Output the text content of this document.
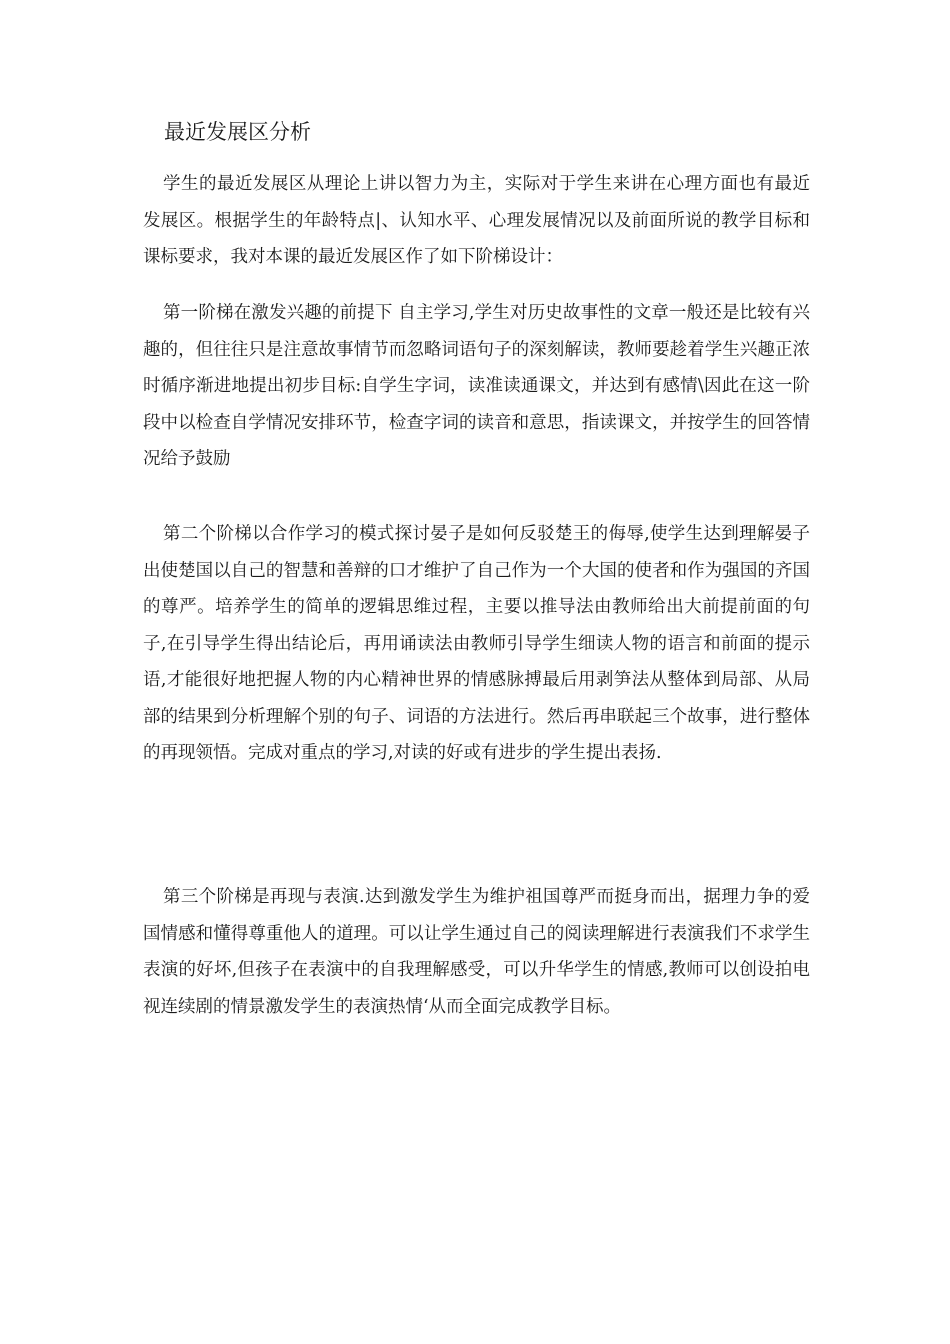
最近发展区分析

学生的最近发展区从理论上讲以智力为主，实际对于学生来讲在心理方面也有最近发展区。根据学生的年龄特点|、认知水平、心理发展情况以及前面所说的教学目标和课标要求，我对本课的最近发展区作了如下阶梯设计：

第一阶梯在激发兴趣的前提下 自主学习,学生对历史故事性的文章一般还是比较有兴趣的，但往往只是注意故事情节而忽略词语句子的深刻解读，教师要趁着学生兴趣正浓时循序渐进地提出初步目标:自学生字词，读准读通课文，并达到有感情\因此在这一阶段中以检查自学情况安排环节，检查字词的读音和意思，指读课文，并按学生的回答情况给予鼓励

第二个阶梯以合作学习的模式探讨晏子是如何反驳楚王的侮辱,使学生达到理解晏子出使楚国以自己的智慧和善辩的口才维护了自己作为一个大国的使者和作为强国的齐国的尊严。培养学生的简单的逻辑思维过程，主要以推导法由教师给出大前提前面的句子,在引导学生得出结论后，再用诵读法由教师引导学生细读人物的语言和前面的提示语,才能很好地把握人物的内心精神世界的情感脉搏最后用剥笋法从整体到局部、从局部的结果到分析理解个别的句子、词语的方法进行。然后再串联起三个故事，进行整体的再现领悟。完成对重点的学习,对读的好或有进步的学生提出表扬.

第三个阶梯是再现与表演.达到激发学生为维护祖国尊严而挺身而出，据理力争的爱国情感和懂得尊重他人的道理。可以让学生通过自己的阅读理解进行表演我们不求学生表演的好坏,但孩子在表演中的自我理解感受，可以升华学生的情感,教师可以创设拍电视连续剧的情景激发学生的表演热情‘从而全面完成教学目标。
